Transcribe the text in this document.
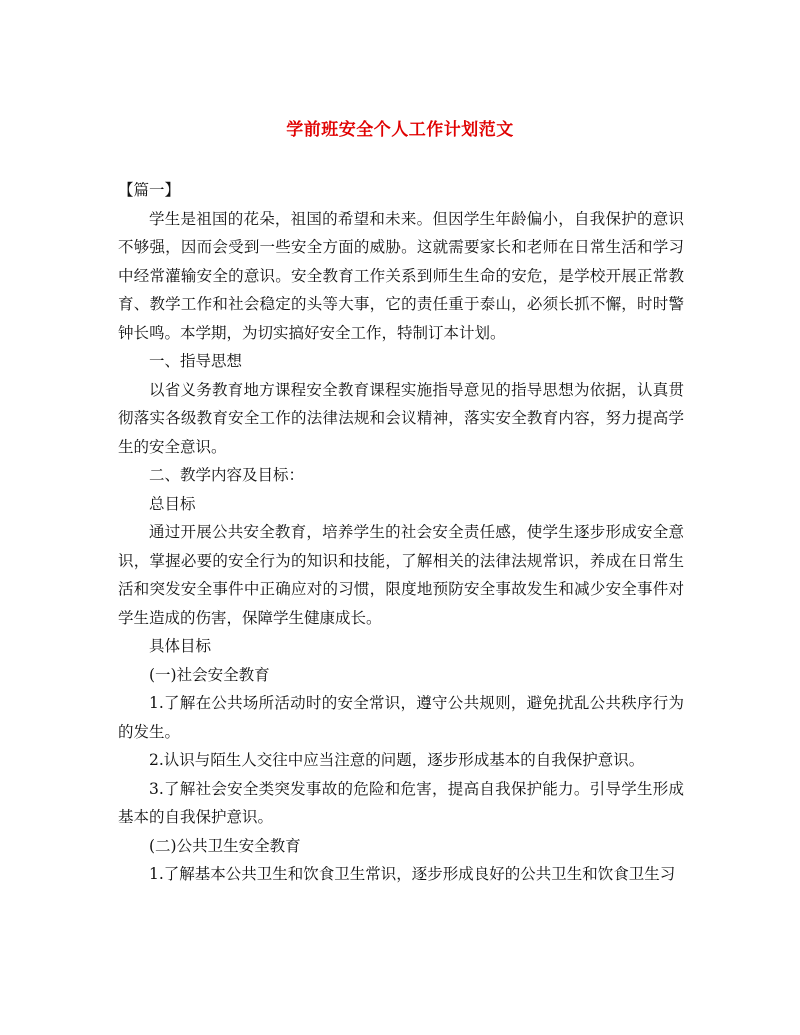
学前班安全个人工作计划范文

【篇一】

学生是祖国的花朵，祖国的希望和未来。但因学生年龄偏小，自我保护的意识不够强，因而会受到一些安全方面的威胁。这就需要家长和老师在日常生活和学习中经常灌输安全的意识。安全教育工作关系到师生生命的安危，是学校开展正常教育、教学工作和社会稳定的头等大事，它的责任重于泰山，必须长抓不懈，时时警钟长鸣。本学期，为切实搞好安全工作，特制订本计划。

一、指导思想

以省义务教育地方课程安全教育课程实施指导意见的指导思想为依据，认真贯彻落实各级教育安全工作的法律法规和会议精神，落实安全教育内容，努力提高学生的安全意识。

二、教学内容及目标：

总目标

通过开展公共安全教育，培养学生的社会安全责任感，使学生逐步形成安全意识，掌握必要的安全行为的知识和技能，了解相关的法律法规常识，养成在日常生活和突发安全事件中正确应对的习惯，限度地预防安全事故发生和减少安全事件对学生造成的伤害，保障学生健康成长。

具体目标

(一)社会安全教育

1.了解在公共场所活动时的安全常识，遵守公共规则，避免扰乱公共秩序行为的发生。

2.认识与陌生人交往中应当注意的问题，逐步形成基本的自我保护意识。

3.了解社会安全类突发事故的危险和危害，提高自我保护能力。引导学生形成基本的自我保护意识。

(二)公共卫生安全教育

1.了解基本公共卫生和饮食卫生常识，逐步形成良好的公共卫生和饮食卫生习
